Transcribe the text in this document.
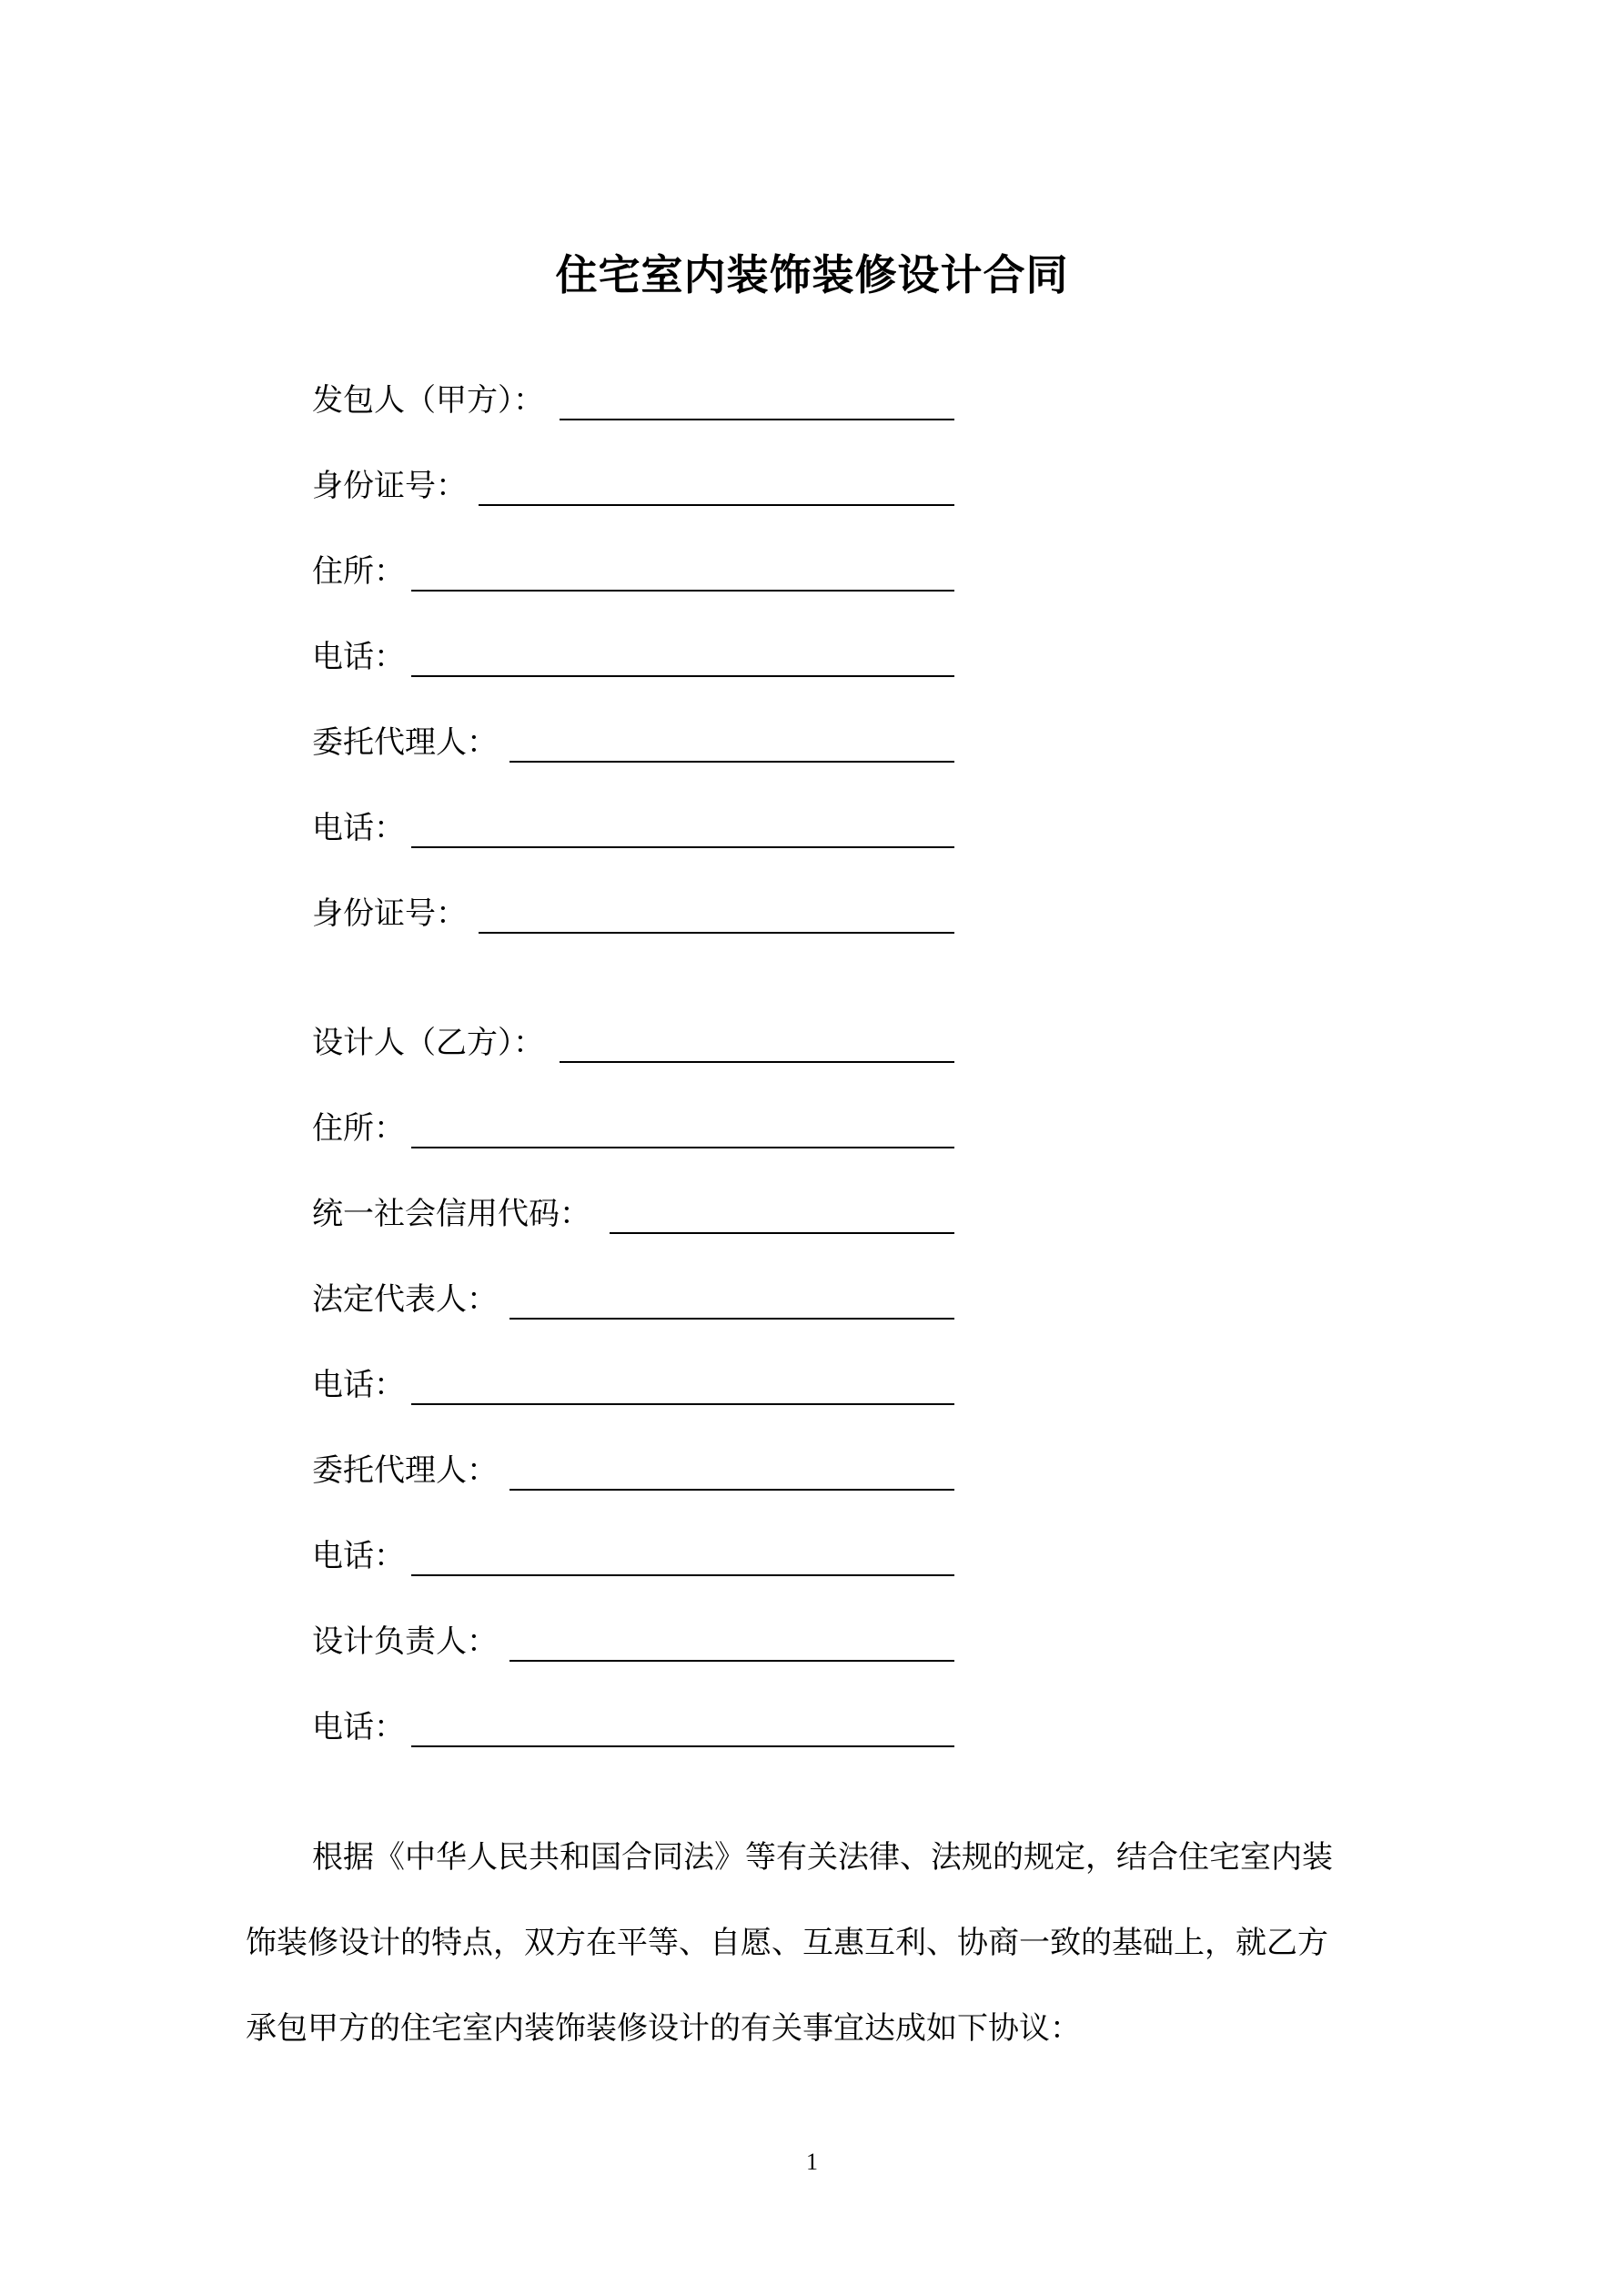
住宅室内装饰装修设计合同
发包人（甲方）：
身份证号：
住所：
电话：
委托代理人：
电话：
身份证号：
设计人（乙方）：
住所：
统一社会信用代码：
法定代表人：
电话：
委托代理人：
电话：
设计负责人：
电话：
根据《中华人民共和国合同法》等有关法律、法规的规定，结合住宅室内装
饰装修设计的特点，双方在平等、自愿、互惠互利、协商一致的基础上，就乙方
承包甲方的住宅室内装饰装修设计的有关事宜达成如下协议：
1
